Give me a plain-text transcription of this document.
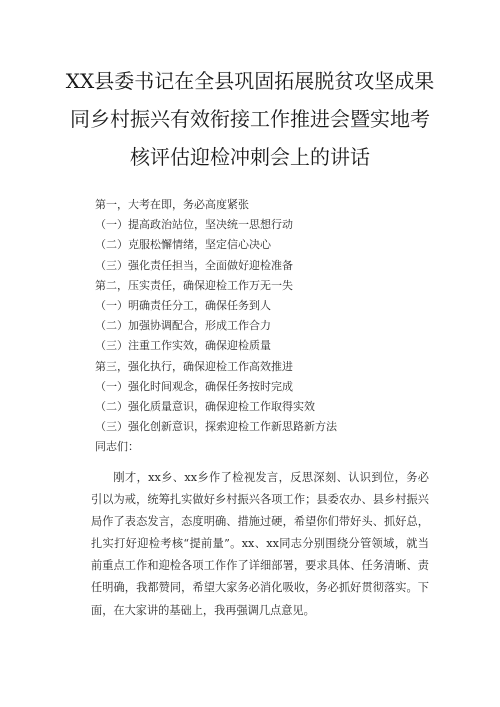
XX县委书记在全县巩固拓展脱贫攻坚成果
同乡村振兴有效衔接工作推进会暨实地考
核评估迎检冲刺会上的讲话
第一，大考在即，务必高度紧张
（一）提高政治站位，坚决统一思想行动
（二）克服松懈情绪，坚定信心决心
（三）强化责任担当，全面做好迎检准备
第二，压实责任，确保迎检工作万无一失
（一）明确责任分工，确保任务到人
（二）加强协调配合，形成工作合力
（三）注重工作实效，确保迎检质量
第三，强化执行，确保迎检工作高效推进
（一）强化时间观念，确保任务按时完成
（二）强化质量意识，确保迎检工作取得实效
（三）强化创新意识，探索迎检工作新思路新方法
同志们：
刚才，xx乡、xx乡作了检视发言，反思深刻、认识到位，务必引以为戒，统筹扎实做好乡村振兴各项工作；县委农办、县乡村振兴局作了表态发言，态度明确、措施过硬，希望你们带好头、抓好总，扎实打好迎检考核“提前量”。xx、xx同志分别围绕分管领域，就当前重点工作和迎检各项工作作了详细部署，要求具体、任务清晰、责任明确，我都赞同，希望大家务必消化吸收，务必抓好贯彻落实。下面，在大家讲的基础上，我再强调几点意见。
